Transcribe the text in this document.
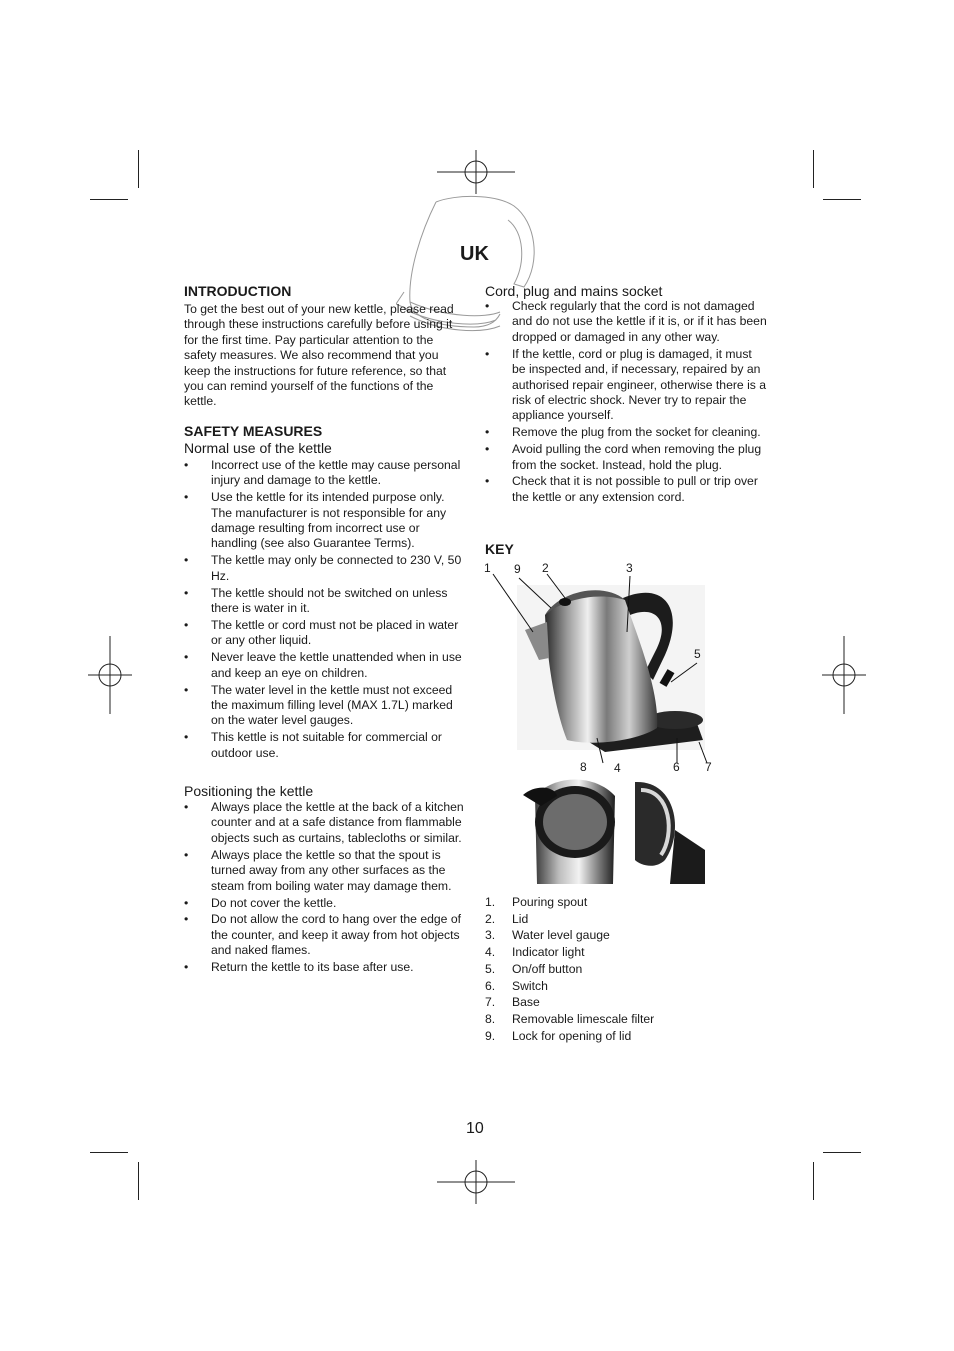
UK
INTRODUCTION

To get the best out of your new kettle, please read through these instructions carefully before using it for the first time. Pay particular attention to the safety measures. We also recommend that you keep the instructions for future reference, so that you can remind yourself of the functions of the kettle.

SAFETY MEASURES
Normal use of the kettle
• Incorrect use of the kettle may cause personal injury and damage to the kettle.
• Use the kettle for its intended purpose only. The manufacturer is not responsible for any damage resulting from incorrect use or handling (see also Guarantee Terms).
• The kettle may only be connected to 230 V, 50 Hz.
• The kettle should not be switched on unless there is water in it.
• The kettle or cord must not be placed in water or any other liquid.
• Never leave the kettle unattended when in use and keep an eye on children.
• The water level in the kettle must not exceed the maximum filling level (MAX 1.7L) marked on the water level gauges.
• This kettle is not suitable for commercial or outdoor use.
Positioning the kettle
• Always place the kettle at the back of a kitchen counter and at a safe distance from flammable objects such as curtains, tablecloths or similar.
• Always place the kettle so that the spout is turned away from any other surfaces as the steam from boiling water may damage them.
• Do not cover the kettle.
• Do not allow the cord to hang over the edge of the counter, and keep it away from hot objects and naked flames.
• Return the kettle to its base after use.
Cord, plug and mains socket
• Check regularly that the cord is not damaged and do not use the kettle if it is, or if it has been dropped or damaged in any other way.
• If the kettle, cord or plug is damaged, it must be inspected and, if necessary, repaired by an authorised repair engineer, otherwise there is a risk of electric shock. Never try to repair the appliance yourself.
• Remove the plug from the socket for cleaning.
• Avoid pulling the cord when removing the plug from the socket. Instead, hold the plug.
• Check that it is not possible to pull or trip over the kettle or any extension cord.
KEY
1 9 2	3
5
8 4	6 7
1. Pouring spout
2. Lid
3. Water level gauge
4. Indicator light
5. On/off button
6. Switch
7. Base
8. Removable limescale filter
9. Lock for opening of lid
10
